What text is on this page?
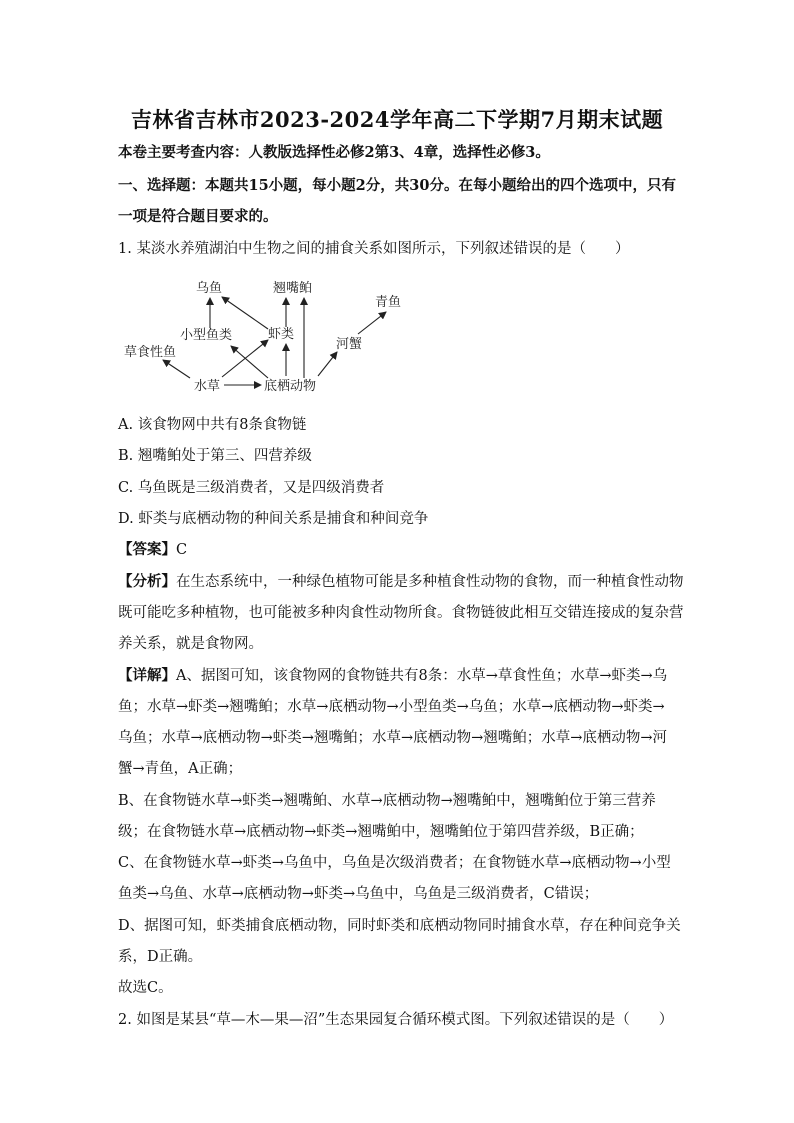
吉林省吉林市2023-2024学年高二下学期7月期末试题
本卷主要考查内容：人教版选择性必修2第3、4章，选择性必修3。
一、选择题：本题共15小题，每小题2分，共30分。在每小题给出的四个选项中，只有
一项是符合题目要求的。
1. 某淡水养殖湖泊中生物之间的捕食关系如图所示，下列叙述错误的是（　　）
乌鱼	翘嘴鲌
青鱼
小型鱼类	虾类
草食性鱼
河蟹
水草	底栖动物
A. 该食物网中共有8条食物链
B. 翘嘴鲌处于第三、四营养级
C. 乌鱼既是三级消费者，又是四级消费者
D. 虾类与底栖动物的种间关系是捕食和种间竞争
【答案】C
【分析】在生态系统中，一种绿色植物可能是多种植食性动物的食物，而一种植食性动物
既可能吃多种植物，也可能被多种肉食性动物所食。食物链彼此相互交错连接成的复杂营
养关系，就是食物网。
【详解】A、据图可知，该食物网的食物链共有8条：水草→草食性鱼；水草→虾类→乌
鱼；水草→虾类→翘嘴鲌；水草→底栖动物→小型鱼类→乌鱼；水草→底栖动物→虾类→
乌鱼；水草→底栖动物→虾类→翘嘴鲌；水草→底栖动物→翘嘴鲌；水草→底栖动物→河
蟹→青鱼，A正确；
B、在食物链水草→虾类→翘嘴鲌、水草→底栖动物→翘嘴鲌中，翘嘴鲌位于第三营养
级；在食物链水草→底栖动物→虾类→翘嘴鲌中，翘嘴鲌位于第四营养级，B正确；
C、在食物链水草→虾类→乌鱼中，乌鱼是次级消费者；在食物链水草→底栖动物→小型
鱼类→乌鱼、水草→底栖动物→虾类→乌鱼中，乌鱼是三级消费者，C错误；
D、据图可知，虾类捕食底栖动物，同时虾类和底栖动物同时捕食水草，存在种间竞争关
系，D正确。
故选C。
2. 如图是某县“草—木—果—沼”生态果园复合循环模式图。下列叙述错误的是（　　）
